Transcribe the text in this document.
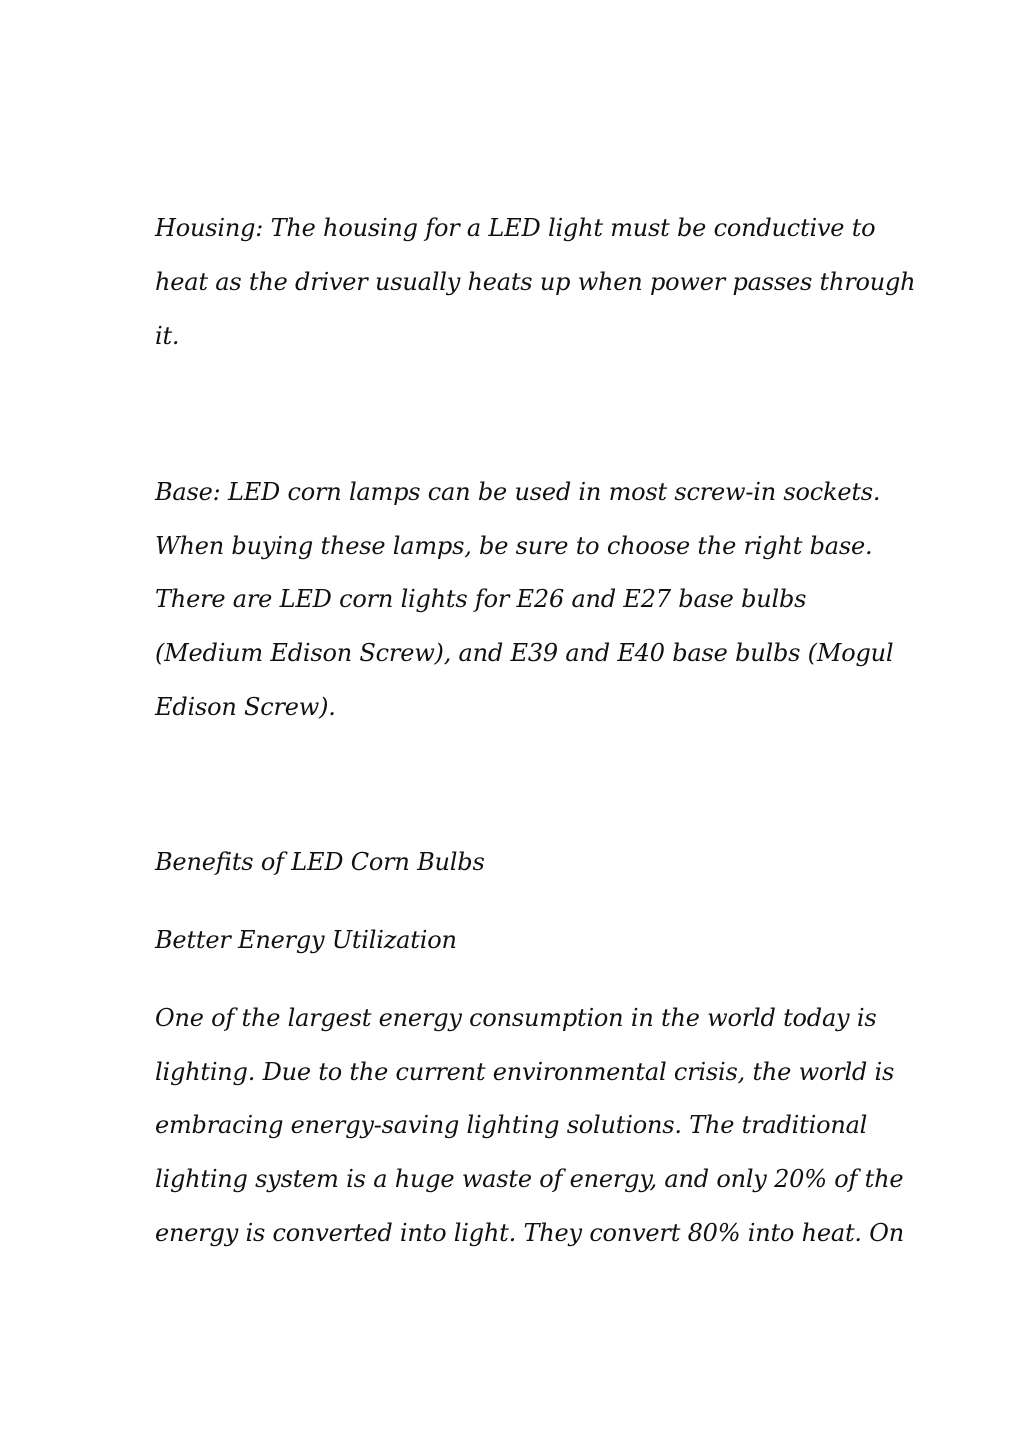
Housing: The housing for a LED light must be conductive to
heat as the driver usually heats up when power passes through
it.
Base: LED corn lamps can be used in most screw-in sockets.
When buying these lamps, be sure to choose the right base.
There are LED corn lights for E26 and E27 base bulbs
(Medium Edison Screw), and E39 and E40 base bulbs (Mogul
Edison Screw).
Benefits of LED Corn Bulbs
Better Energy Utilization
One of the largest energy consumption in the world today is
lighting. Due to the current environmental crisis, the world is
embracing energy-saving lighting solutions. The traditional
lighting system is a huge waste of energy, and only 20% of the
energy is converted into light. They convert 80% into heat. On
